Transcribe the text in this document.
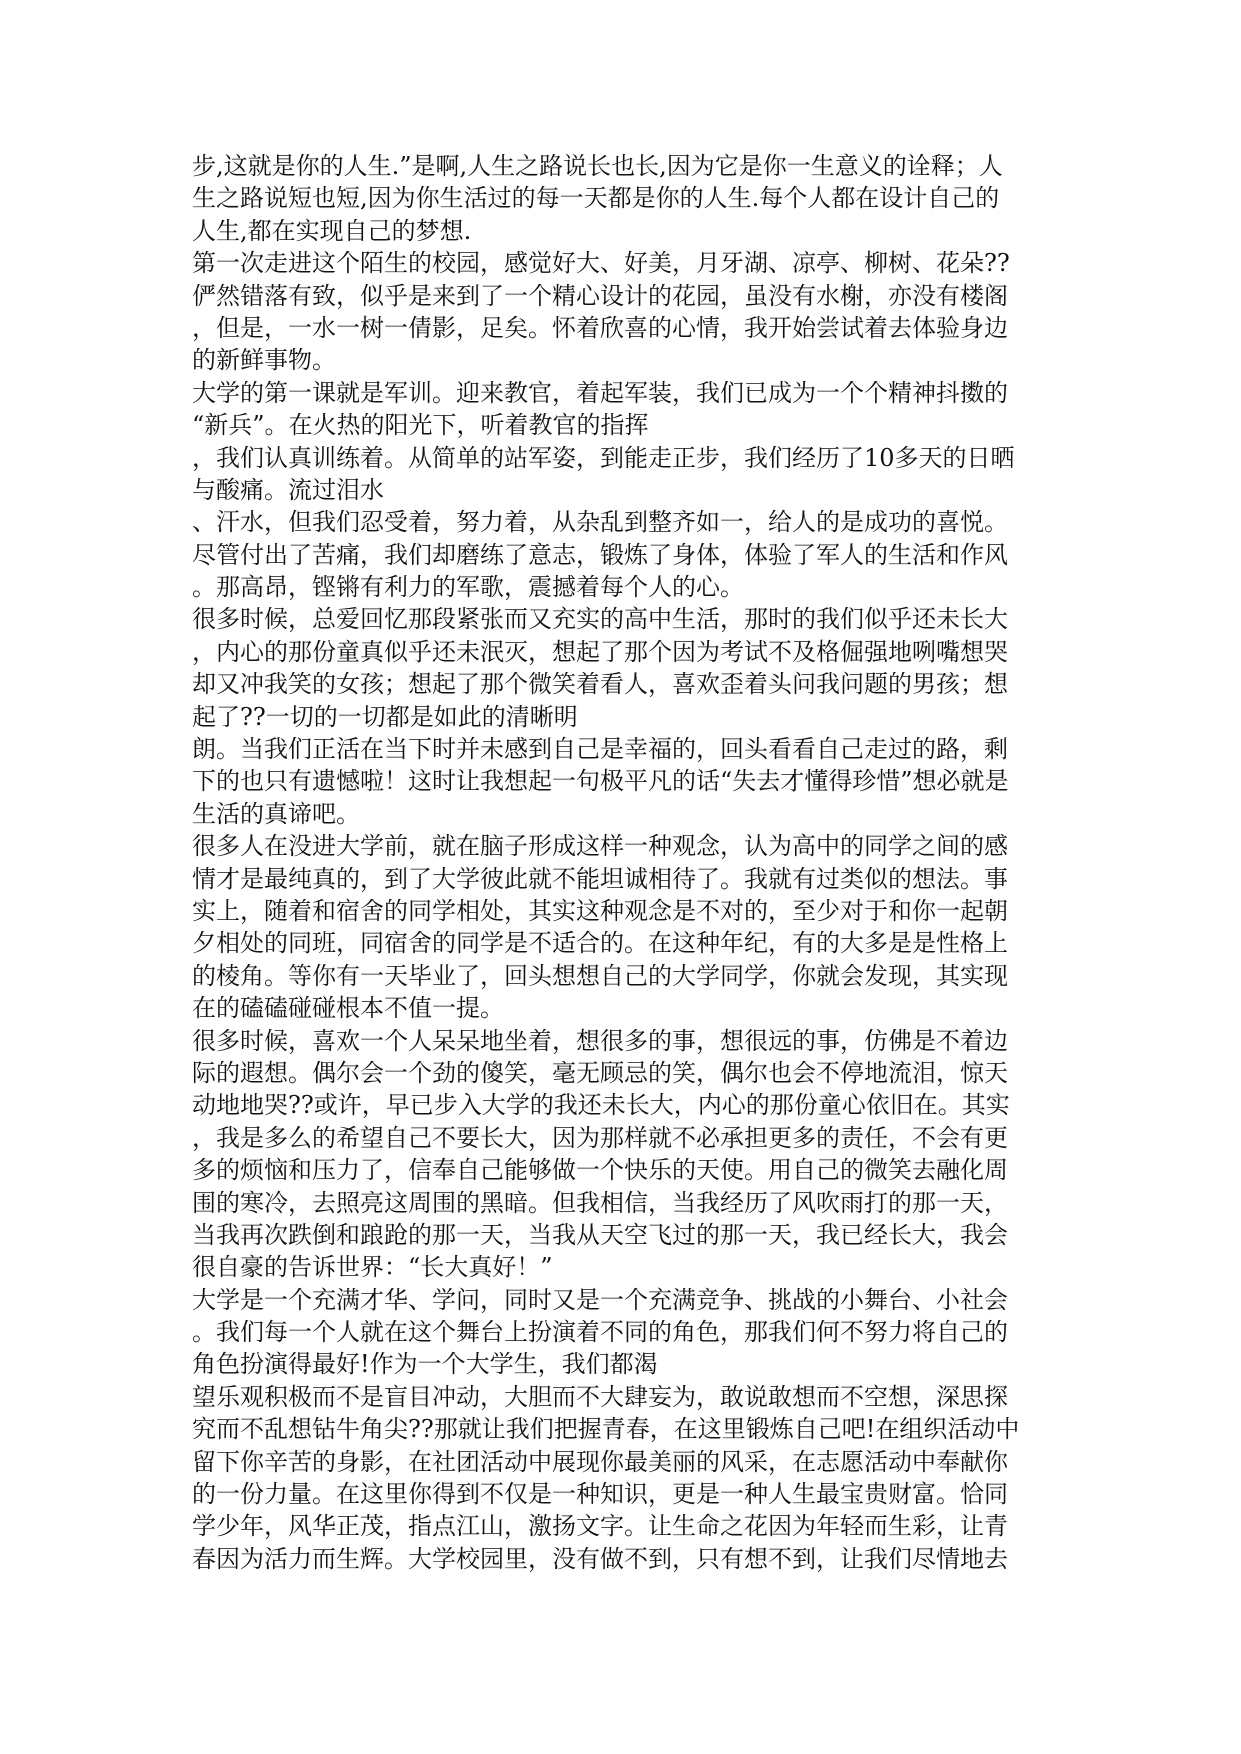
步,这就是你的人生.”是啊,人生之路说长也长,因为它是你一生意义的诠释；人
生之路说短也短,因为你生活过的每一天都是你的人生.每个人都在设计自己的
人生,都在实现自己的梦想.
第一次走进这个陌生的校园，感觉好大、好美，月牙湖、凉亭、柳树、花朵??
俨然错落有致，似乎是来到了一个精心设计的花园，虽没有水榭，亦没有楼阁
，但是，一水一树一倩影，足矣。怀着欣喜的心情，我开始尝试着去体验身边
的新鲜事物。
大学的第一课就是军训。迎来教官，着起军装，我们已成为一个个精神抖擞的
“新兵”。在火热的阳光下，听着教官的指挥
，我们认真训练着。从简单的站军姿，到能走正步，我们经历了10多天的日晒
与酸痛。流过泪水
、汗水，但我们忍受着，努力着，从杂乱到整齐如一，给人的是成功的喜悦。
尽管付出了苦痛，我们却磨练了意志，锻炼了身体，体验了军人的生活和作风
。那高昂，铿锵有利力的军歌，震撼着每个人的心。
很多时候，总爱回忆那段紧张而又充实的高中生活，那时的我们似乎还未长大
，内心的那份童真似乎还未泯灭，想起了那个因为考试不及格倔强地咧嘴想哭
却又冲我笑的女孩；想起了那个微笑着看人，喜欢歪着头问我问题的男孩；想
起了??一切的一切都是如此的清晰明
朗。当我们正活在当下时并未感到自己是幸福的，回头看看自己走过的路，剩
下的也只有遗憾啦！这时让我想起一句极平凡的话“失去才懂得珍惜”想必就是
生活的真谛吧。
很多人在没进大学前，就在脑子形成这样一种观念，认为高中的同学之间的感
情才是最纯真的，到了大学彼此就不能坦诚相待了。我就有过类似的想法。事
实上，随着和宿舍的同学相处，其实这种观念是不对的，至少对于和你一起朝
夕相处的同班，同宿舍的同学是不适合的。在这种年纪，有的大多是是性格上
的棱角。等你有一天毕业了，回头想想自己的大学同学，你就会发现，其实现
在的磕磕碰碰根本不值一提。
很多时候，喜欢一个人呆呆地坐着，想很多的事，想很远的事，仿佛是不着边
际的遐想。偶尔会一个劲的傻笑，毫无顾忌的笑，偶尔也会不停地流泪，惊天
动地地哭??或许，早已步入大学的我还未长大，内心的那份童心依旧在。其实
，我是多么的希望自己不要长大，因为那样就不必承担更多的责任，不会有更
多的烦恼和压力了，信奉自己能够做一个快乐的天使。用自己的微笑去融化周
围的寒冷，去照亮这周围的黑暗。但我相信，当我经历了风吹雨打的那一天，
当我再次跌倒和踉跄的那一天，当我从天空飞过的那一天，我已经长大，我会
很自豪的告诉世界：“长大真好！”
大学是一个充满才华、学问，同时又是一个充满竞争、挑战的小舞台、小社会
。我们每一个人就在这个舞台上扮演着不同的角色，那我们何不努力将自己的
角色扮演得最好!作为一个大学生，我们都渴
望乐观积极而不是盲目冲动，大胆而不大肆妄为，敢说敢想而不空想，深思探
究而不乱想钻牛角尖??那就让我们把握青春，在这里锻炼自己吧!在组织活动中
留下你辛苦的身影，在社团活动中展现你最美丽的风采，在志愿活动中奉献你
的一份力量。在这里你得到不仅是一种知识，更是一种人生最宝贵财富。恰同
学少年，风华正茂，指点江山，激扬文字。让生命之花因为年轻而生彩，让青
春因为活力而生辉。大学校园里，没有做不到，只有想不到，让我们尽情地去
